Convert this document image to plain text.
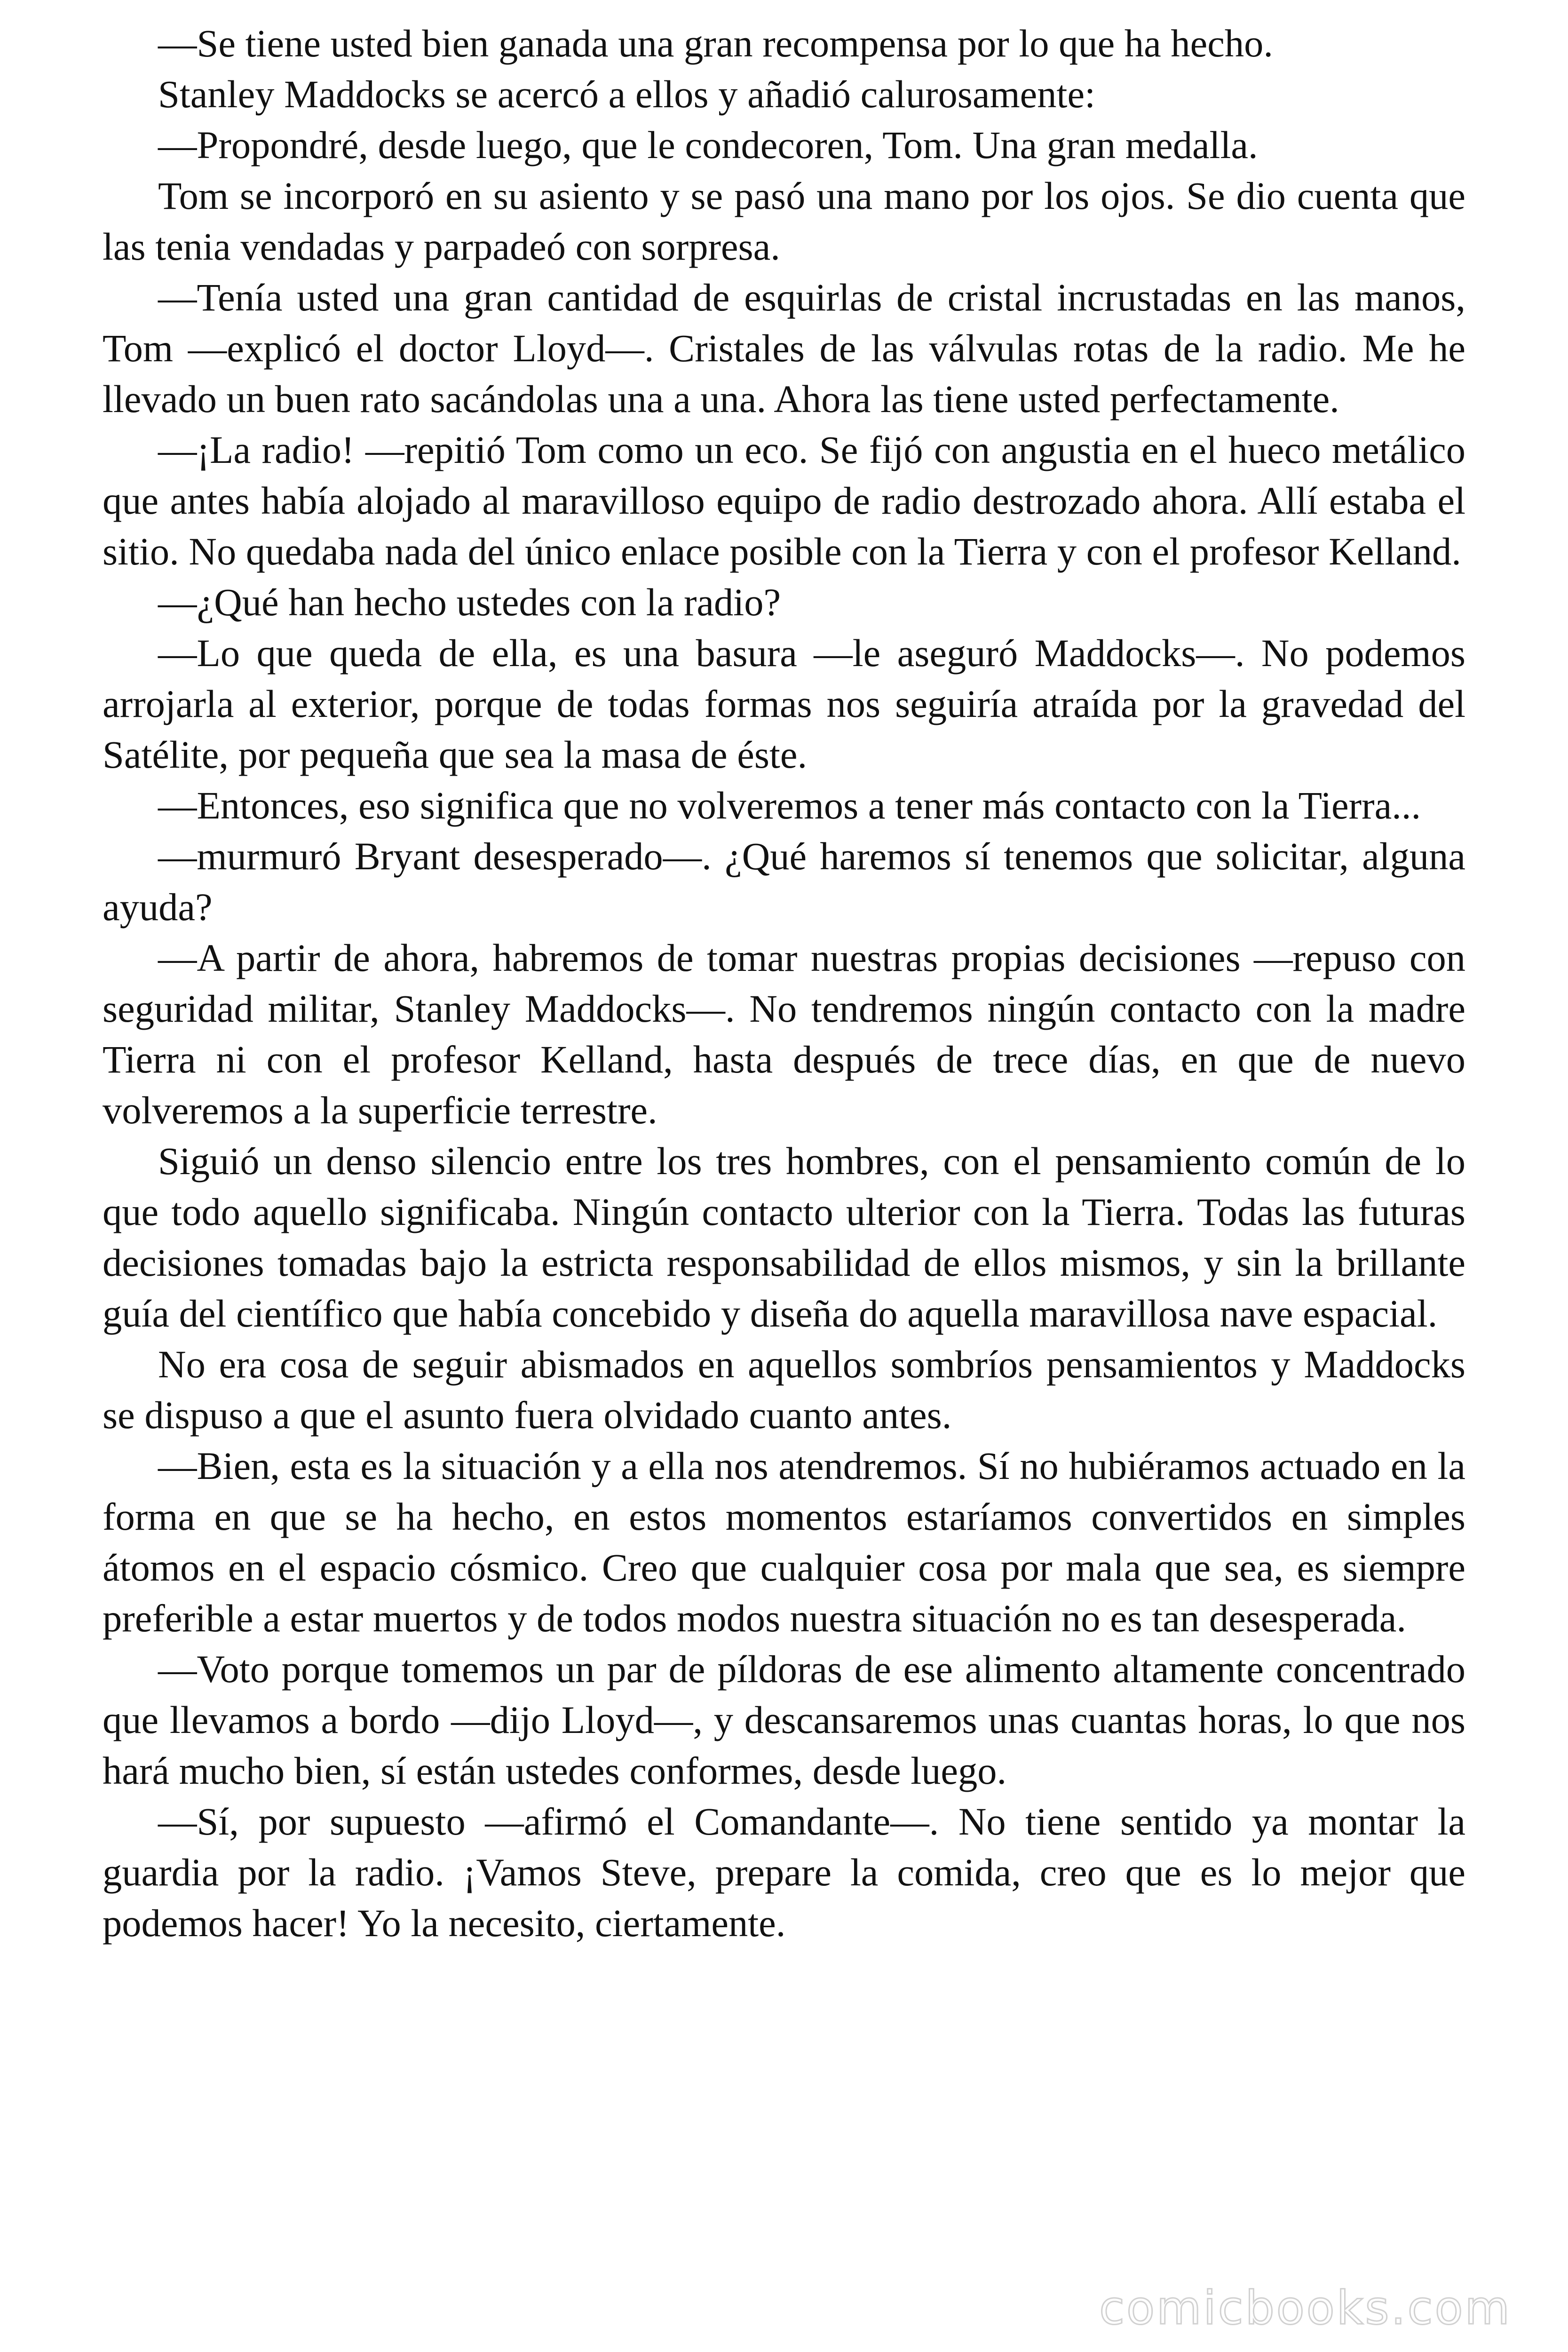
—Se tiene usted bien ganada una gran recompensa por lo que ha hecho.

Stanley Maddocks se acercó a ellos y añadió calurosamente:

—Propondré, desde luego, que le condecoren, Tom. Una gran medalla.

Tom se incorporó en su asiento y se pasó una mano por los ojos. Se dio cuenta que las tenia vendadas y parpadeó con sorpresa.

—Tenía usted una gran cantidad de esquirlas de cristal incrustadas en las manos, Tom —explicó el doctor Lloyd—. Cristales de las válvulas rotas de la radio. Me he llevado un buen rato sacándolas una a una. Ahora las tiene usted perfectamente.

—¡La radio! —repitió Tom como un eco. Se fijó con angustia en el hueco metálico que antes había alojado al maravilloso equipo de radio destrozado ahora. Allí estaba el sitio. No quedaba nada del único enlace posible con la Tierra y con el profesor Kelland.

—¿Qué han hecho ustedes con la radio?

—Lo que queda de ella, es una basura —le aseguró Maddocks—. No podemos arrojarla al exterior, porque de todas formas nos seguiría atraída por la gravedad del Satélite, por pequeña que sea la masa de éste.

—Entonces, eso significa que no volveremos a tener más contacto con la Tierra...

—murmuró Bryant desesperado—. ¿Qué haremos sí tenemos que solicitar, alguna ayuda?

—A partir de ahora, habremos de tomar nuestras propias decisiones —repuso con seguridad militar, Stanley Maddocks—. No tendremos ningún contacto con la madre Tierra ni con el profesor Kelland, hasta después de trece días, en que de nuevo volveremos a la superficie terrestre.

Siguió un denso silencio entre los tres hombres, con el pensamiento común de lo que todo aquello significaba. Ningún contacto ulterior con la Tierra. Todas las futuras decisiones tomadas bajo la estricta responsabilidad de ellos mismos, y sin la brillante guía del científico que había concebido y diseña do aquella maravillosa nave espacial.

No era cosa de seguir abismados en aquellos sombríos pensamientos y Maddocks se dispuso a que el asunto fuera olvidado cuanto antes.

—Bien, esta es la situación y a ella nos atendremos. Sí no hubiéramos actuado en la forma en que se ha hecho, en estos momentos estaríamos convertidos en simples átomos en el espacio cósmico. Creo que cualquier cosa por mala que sea, es siempre preferible a estar muertos y de todos modos nuestra situación no es tan desesperada.

—Voto porque tomemos un par de píldoras de ese alimento altamente concentrado que llevamos a bordo —dijo Lloyd—, y descansaremos unas cuantas horas, lo que nos hará mucho bien, sí están ustedes conformes, desde luego.

—Sí, por supuesto —afirmó el Comandante—. No tiene sentido ya montar la guardia por la radio. ¡Vamos Steve, prepare la comida, creo que es lo mejor que podemos hacer! Yo la necesito, ciertamente.

comicbooks.com
